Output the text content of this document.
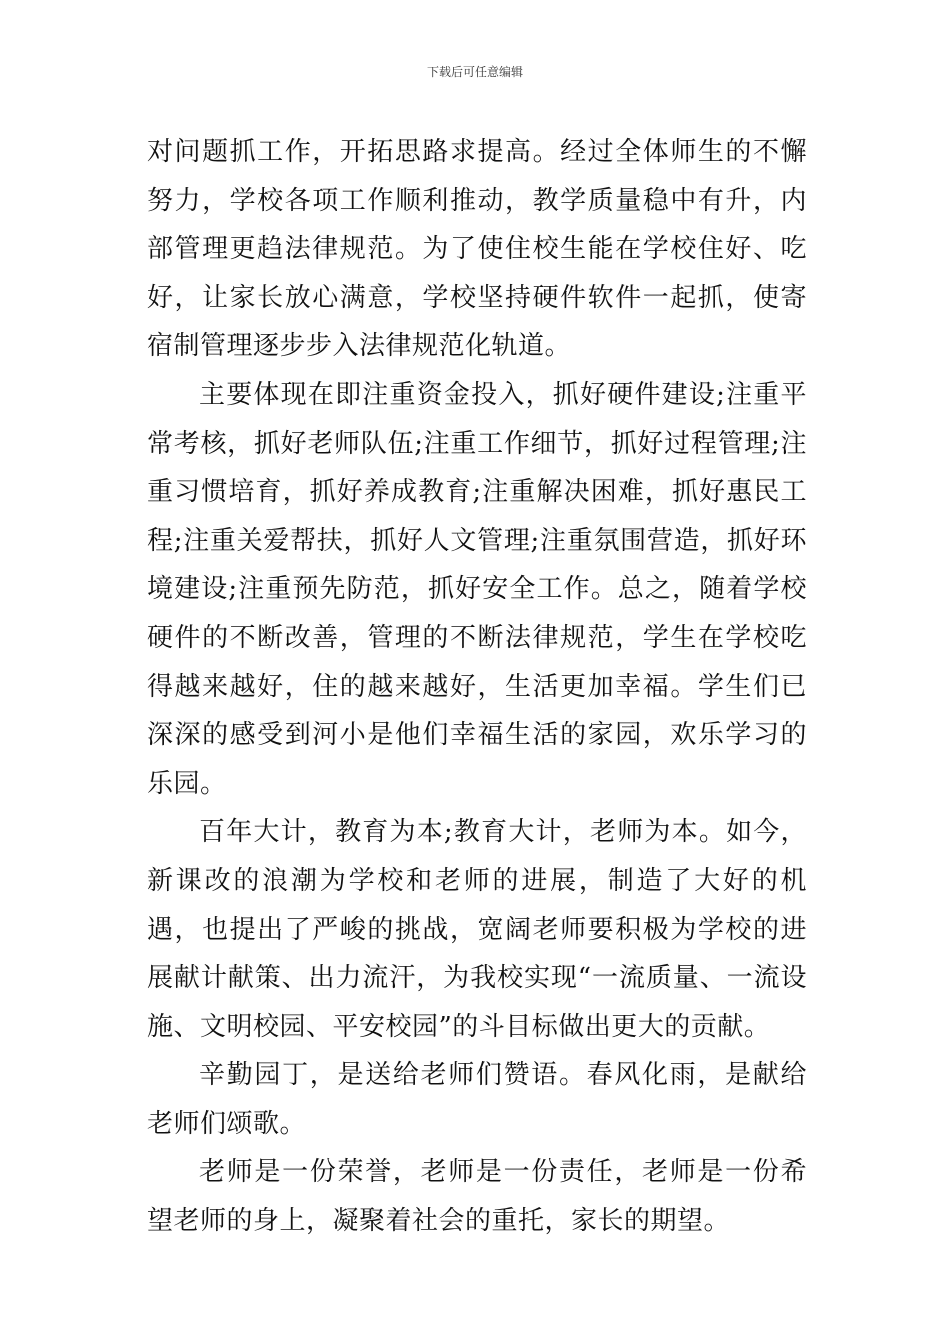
下载后可任意编辑

对问题抓工作，开拓思路求提高。经过全体师生的不懈努力，学校各项工作顺利推动，教学质量稳中有升，内部管理更趋法律规范。为了使住校生能在学校住好、吃好，让家长放心满意，学校坚持硬件软件一起抓，使寄宿制管理逐步步入法律规范化轨道。

主要体现在即注重资金投入，抓好硬件建设;注重平常考核，抓好老师队伍;注重工作细节，抓好过程管理;注重习惯培育，抓好养成教育;注重解决困难，抓好惠民工程;注重关爱帮扶，抓好人文管理;注重氛围营造，抓好环境建设;注重预先防范，抓好安全工作。总之，随着学校硬件的不断改善，管理的不断法律规范，学生在学校吃得越来越好，住的越来越好，生活更加幸福。学生们已深深的感受到河小是他们幸福生活的家园，欢乐学习的乐园。

百年大计，教育为本;教育大计，老师为本。如今，新课改的浪潮为学校和老师的进展，制造了大好的机遇，也提出了严峻的挑战，宽阔老师要积极为学校的进展献计献策、出力流汗，为我校实现“一流质量、一流设施、文明校园、平安校园”的斗目标做出更大的贡献。

辛勤园丁，是送给老师们赞语。春风化雨，是献给老师们颂歌。

老师是一份荣誉，老师是一份责任，老师是一份希望老师的身上，凝聚着社会的重托，家长的期望。
